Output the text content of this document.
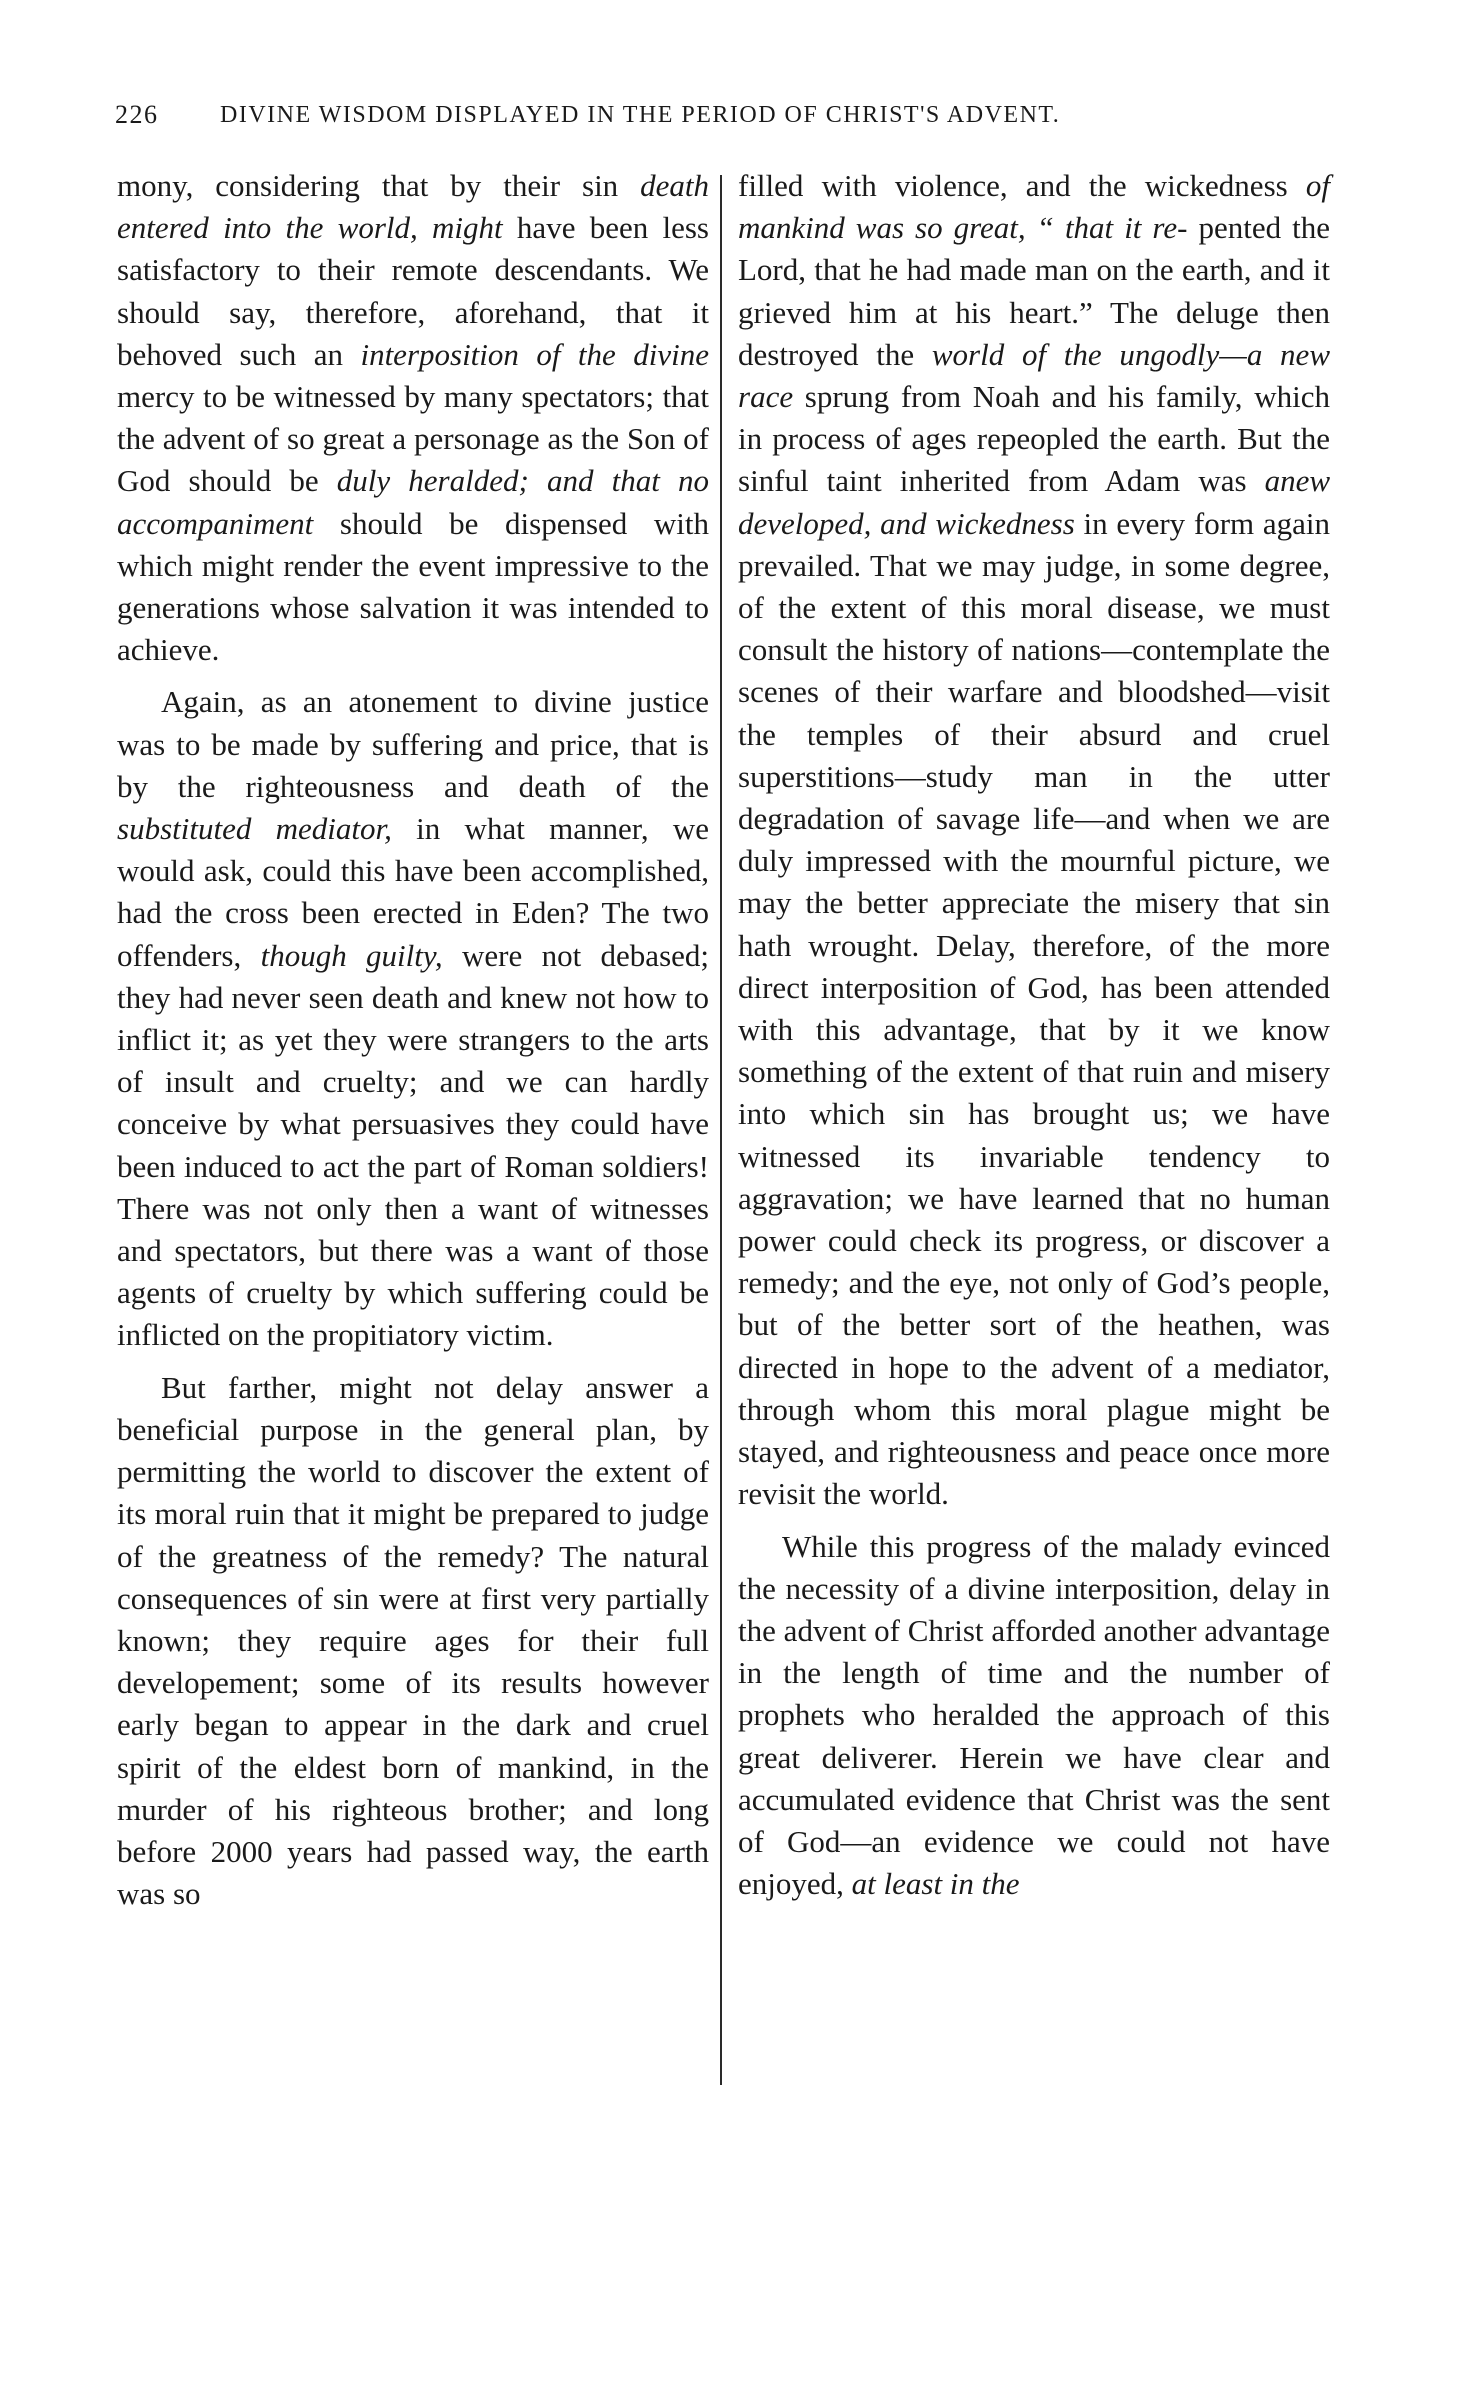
226	DIVINE WISDOM DISPLAYED IN THE PERIOD OF CHRIST'S ADVENT.

mony, considering that by their sin death entered into the world, might have been less satisfactory to their remote descendants. We should say, therefore, aforehand, that it behoved such an interposition of the divine mercy to be witnessed by many spectators; that the advent of so great a personage as the Son of God should be duly heralded; and that no accompaniment should be dispensed with which might render the event impressive to the generations whose salvation it was intended to achieve.

Again, as an atonement to divine justice was to be made by suffering and price, that is by the righteousness and death of the substituted mediator, in what manner, we would ask, could this have been accomplished, had the cross been erected in Eden? The two offenders, though guilty, were not debased; they had never seen death and knew not how to inflict it; as yet they were strangers to the arts of insult and cruelty; and we can hardly conceive by what persuasives they could have been induced to act the part of Roman soldiers! There was not only then a want of witnesses and spectators, but there was a want of those agents of cruelty by which suffering could be inflicted on the propitiatory victim.

But farther, might not delay answer a beneficial purpose in the general plan, by permitting the world to discover the extent of its moral ruin that it might be prepared to judge of the greatness of the remedy? The natural consequences of sin were at first very partially known; they require ages for their full developement; some of its results however early began to appear in the dark and cruel spirit of the eldest born of mankind, in the murder of his righteous brother; and long before 2000 years had passed way, the earth was so

filled with violence, and the wickedness of mankind was so great, “ that it re- pented the Lord, that he had made man on the earth, and it grieved him at his heart.” The deluge then destroyed the world of the ungodly—a new race sprung from Noah and his family, which in process of ages repeopled the earth. But the sinful taint inherited from Adam was anew developed, and wickedness in every form again prevailed. That we may judge, in some degree, of the extent of this moral disease, we must consult the history of nations—contemplate the scenes of their warfare and bloodshed—visit the temples of their absurd and cruel superstitions—study man in the utter degradation of savage life—and when we are duly impressed with the mournful picture, we may the better appreciate the misery that sin hath wrought. Delay, therefore, of the more direct interposition of God, has been attended with this advantage, that by it we know something of the extent of that ruin and misery into which sin has brought us; we have witnessed its invariable tendency to aggravation; we have learned that no human power could check its progress, or discover a remedy; and the eye, not only of God’s people, but of the better sort of the heathen, was directed in hope to the advent of a mediator, through whom this moral plague might be stayed, and righteousness and peace once more revisit the world.

While this progress of the malady evinced the necessity of a divine interposition, delay in the advent of Christ afforded another advantage in the length of time and the number of prophets who heralded the approach of this great deliverer. Herein we have clear and accumulated evidence that Christ was the sent of God—an evidence we could not have enjoyed, at least in the
